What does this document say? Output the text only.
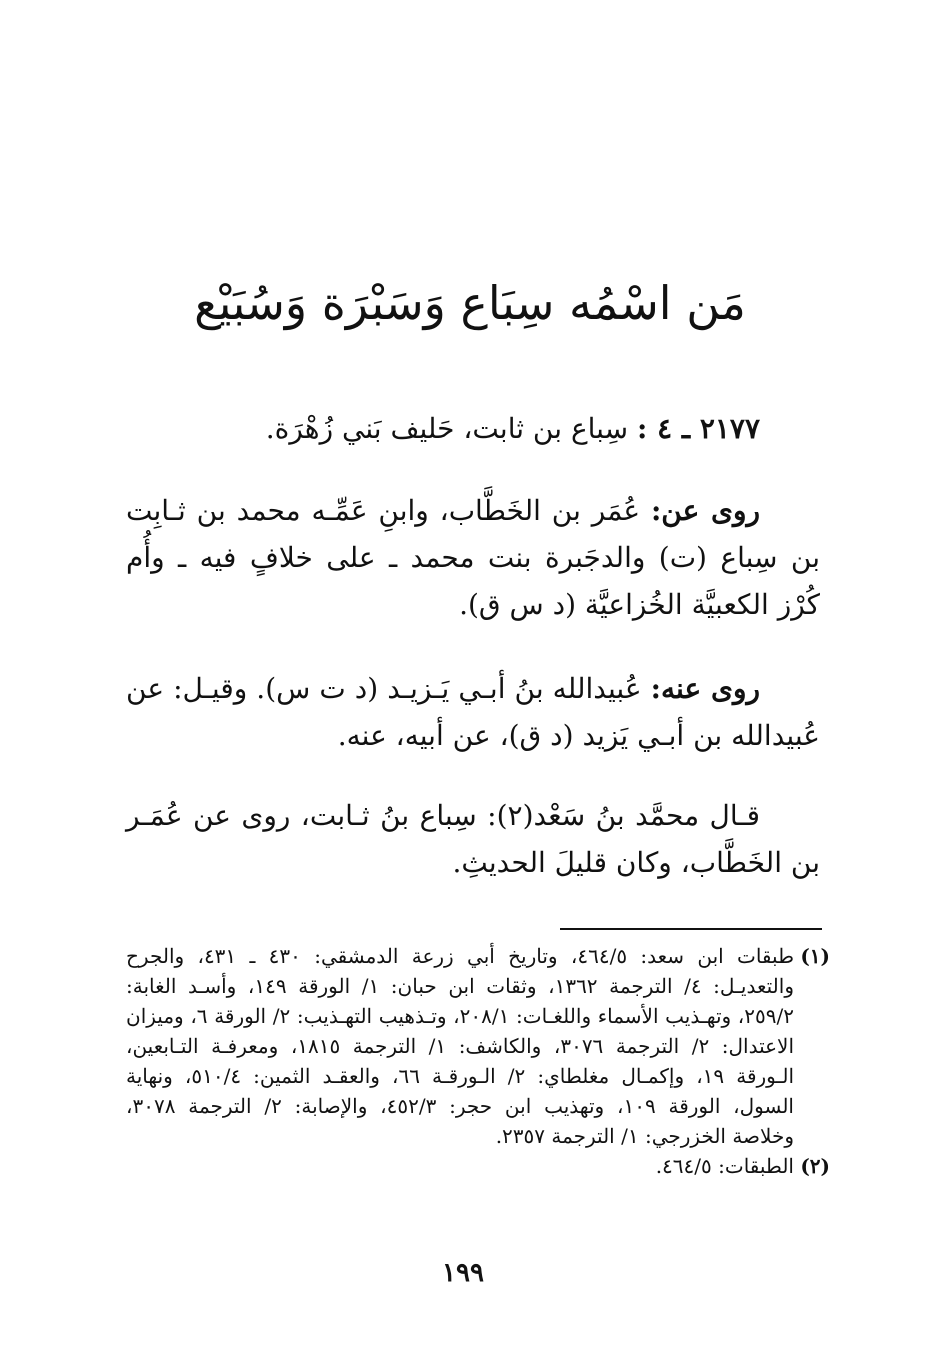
مَن اسْمُه سِبَاع وَسَبْرَة وَسُبَيْع
٢١٧٧ ـ ٤ : سِباع بن ثابت، حَليف بَني زُهْرَة.
روى عن: عُمَر بن الخَطَّاب، وابنِ عَمِّـه محمد بن ثـابِت بن سِباع (ت) والدجَبرة بنت محمد ـ على خلافٍ فيه ـ وأُم كُرْز الكعبيَّة الخُزاعيَّة (د س ق).
روى عنه: عُبيدالله بنُ أبـي يَـزيـد (د ت س). وقيـل: عن عُبيدالله بن أبـي يَزيد (د ق)، عن أبيه، عنه.
قـال محمَّد بنُ سَعْد(٢): سِباع بنُ ثـابت، روى عن عُمَـر بن الخَطَّاب، وكان قليلَ الحديثِ.
(١)
طبقات ابن سعد: ٤٦٤/٥، وتاريخ أبي زرعة الدمشقي: ٤٣٠ ـ ٤٣١، والجرح والتعديـل: ٤/ الترجمة ١٣٦٢، وثقات ابن حبان: ١/ الورقة ١٤٩، وأسـد الغابة: ٢٥٩/٢، وتهـذيب الأسماء واللغـات: ٢٠٨/١، وتـذهيب التهـذيب: ٢/ الورقة ٦، وميزان الاعتدال: ٢/ الترجمة ٣٠٧٦، والكاشف: ١/ الترجمة ١٨١٥، ومعرفـة التـابعين، الـورقة ١٩، وإكمـال مغلطاي: ٢/ الـورقـة ٦٦، والعقـد الثمين: ٥١٠/٤، ونهاية السول، الورقة ١٠٩، وتهذيب ابن حجر: ٤٥٢/٣، والإصابة: ٢/ الترجمة ٣٠٧٨، وخلاصة الخزرجي: ١/ الترجمة ٢٣٥٧.
(٢)
الطبقات: ٤٦٤/٥.
١٩٩
